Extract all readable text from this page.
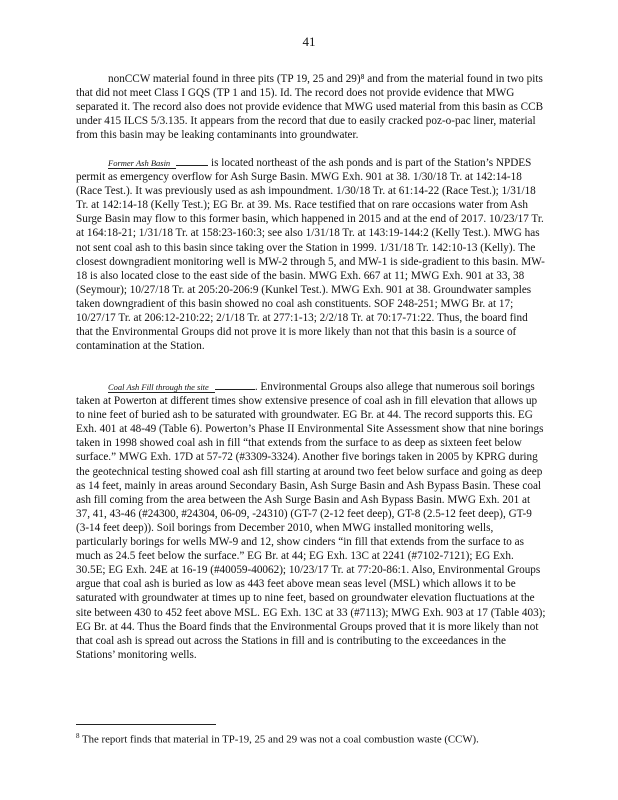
41

nonCCW material found in three pits (TP 19, 25 and 29)⁸ and from the material found in two pits that did not meet Class I GQS (TP 1 and 15). Id. The record does not provide evidence that MWG separated it. The record also does not provide evidence that MWG used material from this basin as CCB under 415 ILCS 5/3.135. It appears from the record that due to easily cracked poz-o-pac liner, material from this basin may be leaking contaminants into groundwater.

Former Ash Basin	is located northeast of the ash ponds and is part of the Station’s NPDES permit as emergency overflow for Ash Surge Basin. MWG Exh. 901 at 38. 1/30/18 Tr. at 142:14-18 (Race Test.). It was previously used as ash impoundment. 1/30/18 Tr. at 61:14-22 (Race Test.); 1/31/18 Tr. at 142:14-18 (Kelly Test.); EG Br. at 39. Ms. Race testified that on rare occasions water from Ash Surge Basin may flow to this former basin, which happened in 2015 and at the end of 2017. 10/23/17 Tr. at 164:18-21; 1/31/18 Tr. at 158:23-160:3; see also 1/31/18 Tr. at 143:19-144:2 (Kelly Test.). MWG has not sent coal ash to this basin since taking over the Station in 1999. 1/31/18 Tr. 142:10-13 (Kelly). The closest downgradient monitoring well is MW-2 through 5, and MW-1 is side-gradient to this basin. MW-18 is also located close to the east side of the basin. MWG Exh. 667 at 11; MWG Exh. 901 at 33, 38 (Seymour); 10/27/18 Tr. at 205:20-206:9 (Kunkel Test.). MWG Exh. 901 at 38. Groundwater samples taken downgradient of this basin showed no coal ash constituents. SOF 248-251; MWG Br. at 17; 10/27/17 Tr. at 206:12-210:22; 2/1/18 Tr. at 277:1-13; 2/2/18 Tr. at 70:17-71:22. Thus, the board find that the Environmental Groups did not prove it is more likely than not that this basin is a source of contamination at the Station.

Coal Ash Fill through the site	. Environmental Groups also allege that numerous soil borings taken at Powerton at different times show extensive presence of coal ash in fill elevation that allows up to nine feet of buried ash to be saturated with groundwater. EG Br. at 44. The record supports this. EG Exh. 401 at 48-49 (Table 6). Powerton’s Phase II Environmental Site Assessment show that nine borings taken in 1998 showed coal ash in fill “that extends from the surface to as deep as sixteen feet below surface.” MWG Exh. 17D at 57-72 (#3309-3324). Another five borings taken in 2005 by KPRG during the geotechnical testing showed coal ash fill starting at around two feet below surface and going as deep as 14 feet, mainly in areas around Secondary Basin, Ash Surge Basin and Ash Bypass Basin. These coal ash fill coming from the area between the Ash Surge Basin and Ash Bypass Basin. MWG Exh. 201 at 37, 41, 43-46 (#24300, #24304, 06-09, -24310) (GT-7 (2-12 feet deep), GT-8 (2.5-12 feet deep), GT-9 (3-14 feet deep)). Soil borings from December 2010, when MWG installed monitoring wells, particularly borings for wells MW-9 and 12, show cinders “in fill that extends from the surface to as much as 24.5 feet below the surface.” EG Br. at 44; EG Exh. 13C at 2241 (#7102-7121); EG Exh. 30.5E; EG Exh. 24E at 16-19 (#40059-40062); 10/23/17 Tr. at 77:20-86:1. Also, Environmental Groups argue that coal ash is buried as low as 443 feet above mean seas level (MSL) which allows it to be saturated with groundwater at times up to nine feet, based on groundwater elevation fluctuations at the site between 430 to 452 feet above MSL. EG Exh. 13C at 33 (#7113); MWG Exh. 903 at 17 (Table 403); EG Br. at 44. Thus the Board finds that the Environmental Groups proved that it is more likely than not that coal ash is spread out across the Stations in fill and is contributing to the exceedances in the Stations’ monitoring wells.

$^8$ The report finds that material in TP-19, 25 and 29 was not a coal combustion waste (CCW).
